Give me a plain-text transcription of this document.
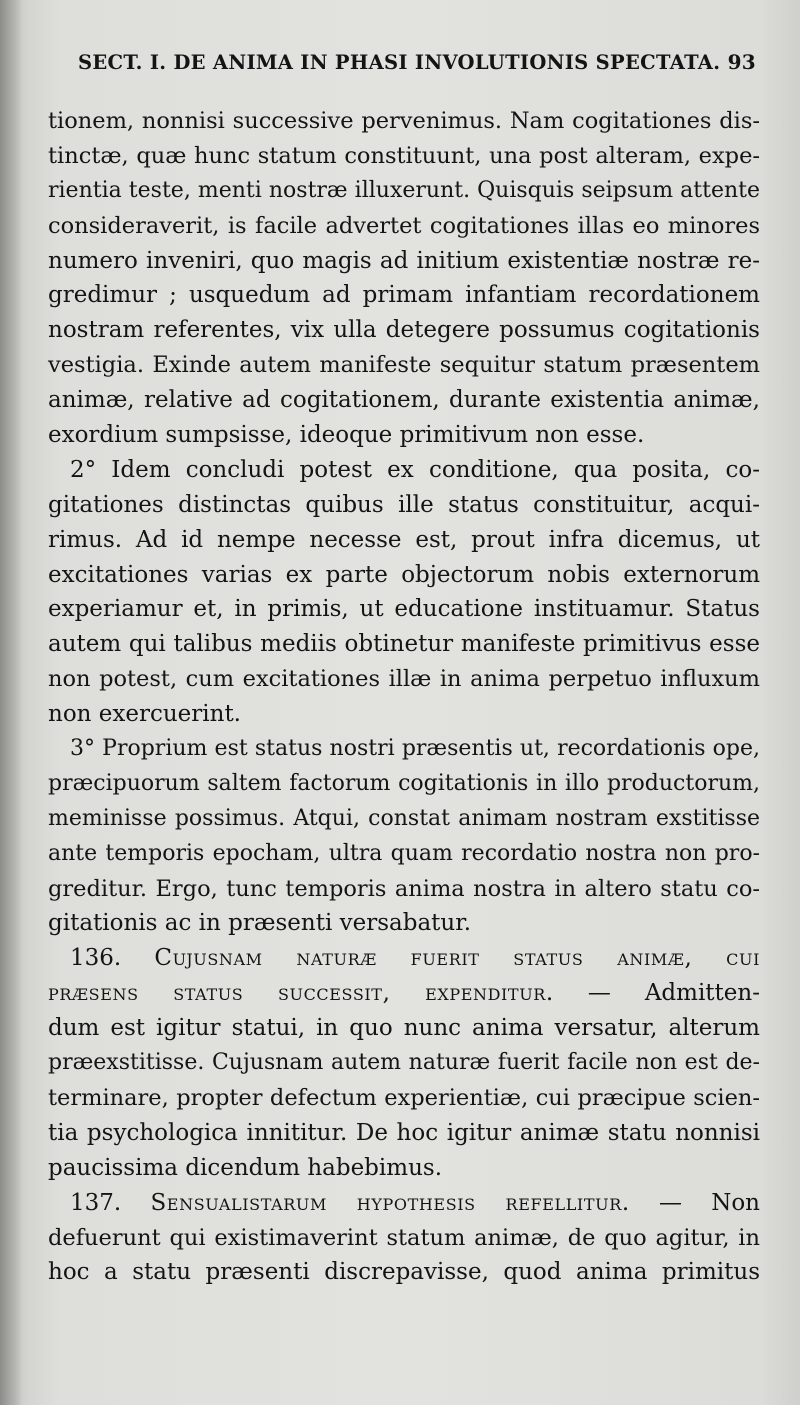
SECT. I. DE ANIMA IN PHASI INVOLUTIONIS SPECTATA. 93
tionem, nonnisi successive pervenimus. Nam cogitationes dis-
tinctæ, quæ hunc statum constituunt, una post alteram, expe-
rientia teste, menti nostræ illuxerunt. Quisquis seipsum attente
consideraverit, is facile advertet cogitationes illas eo minores
numero inveniri, quo magis ad initium existentiæ nostræ re-
gredimur ; usquedum ad primam infantiam recordationem
nostram referentes, vix ulla detegere possumus cogitationis
vestigia. Exinde autem manifeste sequitur statum præsentem
animæ, relative ad cogitationem, durante existentia animæ,
exordium sumpsisse, ideoque primitivum non esse.
2° Idem concludi potest ex conditione, qua posita, co-
gitationes distinctas quibus ille status constituitur, acqui-
rimus. Ad id nempe necesse est, prout infra dicemus, ut
excitationes varias ex parte objectorum nobis externorum
experiamur et, in primis, ut educatione instituamur. Status
autem qui talibus mediis obtinetur manifeste primitivus esse
non potest, cum excitationes illæ in anima perpetuo influxum
non exercuerint.
3° Proprium est status nostri præsentis ut, recordationis ope,
præcipuorum saltem factorum cogitationis in illo productorum,
meminisse possimus. Atqui, constat animam nostram exstitisse
ante temporis epocham, ultra quam recordatio nostra non pro-
greditur. Ergo, tunc temporis anima nostra in altero statu co-
gitationis ac in præsenti versabatur.
136. Cujusnam naturæ fuerit status animæ, cui
præsens status successit, expenditur. — Admitten-
dum est igitur statui, in quo nunc anima versatur, alterum
præexstitisse. Cujusnam autem naturæ fuerit facile non est de-
terminare, propter defectum experientiæ, cui præcipue scien-
tia psychologica innititur. De hoc igitur animæ statu nonnisi
paucissima dicendum habebimus.
137. Sensualistarum hypothesis refellitur. — Non
defuerunt qui existimaverint statum animæ, de quo agitur, in
hoc a statu præsenti discrepavisse, quod anima primitus
